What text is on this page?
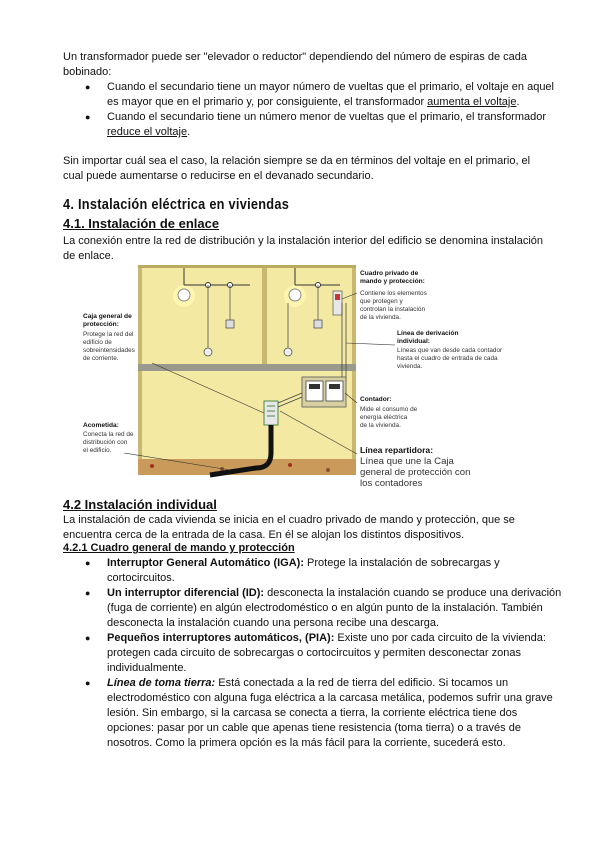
Un transformador puede ser "elevador o reductor" dependiendo del número de espiras de cada bobinado:

● Cuando el secundario tiene un mayor número de vueltas que el primario, el voltaje en aquel es mayor que en el primario y, por consiguiente, el transformador aumenta el voltaje.
● Cuando el secundario tiene un número menor de vueltas que el primario, el transformador reduce el voltaje.

Sin importar cuál sea el caso, la relación siempre se da en términos del voltaje en el primario, el cual puede aumentarse o reducirse en el devanado secundario.

4. Instalación eléctrica en viviendas
4.1. Instalación de enlace

La conexión entre la red de distribución y la instalación interior del edificio se denomina instalación de enlace.

Caja general de
protección:
Protege la red del
edificio de
sobreintensidades
de corriente.
Acometida:
Conecta la red de
distribución con
el edificio.
Cuadro privado de
mando y protección:
Contiene los elementos
que protegen y
controlan la instalación
de la vivienda.
Línea de derivación
individual:
Líneas que van desde cada contador
hasta el cuadro de entrada de cada
vivienda.
Contador:
Mide el consumo de
energía eléctrica
de la vivienda.
Línea repartidora:
Línea que une la Caja
general de protección con
los contadores
4.2 Instalación individual

La instalación de cada vivienda se inicia en el cuadro privado de mando y protección, que se encuentra cerca de la entrada de la casa. En él se alojan los distintos dispositivos.

4.2.1 Cuadro general de mando y protección
● Interruptor General Automático (IGA): Protege la instalación de sobrecargas y cortocircuitos.
● Un interruptor diferencial (ID): desconecta la instalación cuando se produce una derivación (fuga de corriente) en algún electrodoméstico o en algún punto de la instalación. También desconecta la instalación cuando una persona recibe una descarga.
● Pequeños interruptores automáticos, (PIA): Existe uno por cada circuito de la vivienda: protegen cada circuito de sobrecargas o cortocircuitos y permiten desconectar zonas individualmente.
● Línea de toma tierra: Está conectada a la red de tierra del edificio. Si tocamos un electrodoméstico con alguna fuga eléctrica a la carcasa metálica, podemos sufrir una grave lesión. Sin embargo, si la carcasa se conecta a tierra, la corriente eléctrica tiene dos opciones: pasar por un cable que apenas tiene resistencia (toma tierra) o a través de nosotros. Como la primera opción es la más fácil para la corriente, sucederá esto.
